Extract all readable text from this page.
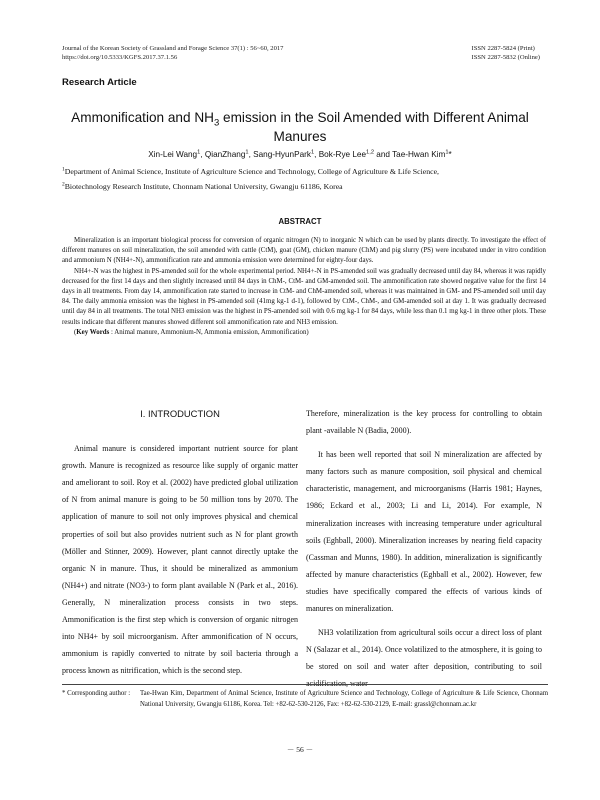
Journal of the Korean Society of Grassland and Forage Science 37(1) : 56~60, 2017
https://doi.org/10.5333/KGFS.2017.37.1.56
ISSN 2287-5824 (Print)
ISSN 2287-5832 (Online)
Research Article
Ammonification and $NH_3$ emission in the Soil Amended with Different Animal
Manures
Xin-Lei Wang$^1$, QianZhang$^1$, Sang-HyunPark$^1$, Bok-Rye Lee$^{1,2}$ and Tae-Hwan Kim$^1$*
$^1$Department of Animal Science, Institute of Agriculture Science and Technology, College of Agriculture & Life Science,
$^2$Biotechnology Research Institute, Chonnam National University, Gwangju 61186, Korea
ABSTRACT

Mineralization is an important biological process for conversion of organic nitrogen (N) to inorganic N which can be used by plants directly. To investigate the effect of different manures on soil mineralization, the soil amended with cattle (CtM), goat (GM), chicken manure (ChM) and pig slurry (PS) were incubated under in vitro condition and ammonium N (NH4+-N), ammonification rate and ammonia emission were determined for eighty-four days.

NH4+-N was the highest in PS-amended soil for the whole experimental period. NH4+-N in PS-amended soil was gradually decreased until day 84, whereas it was rapidly decreased for the first 14 days and then slightly increased until 84 days in ChM-, CtM- and GM-amended soil. The ammonification rate showed negative value for the first 14 days in all treatments. From day 14, ammonification rate started to increase in CtM- and ChM-amended soil, whereas it was maintained in GM- and PS-amended soil until day 84. The daily ammonia emission was the highest in PS-amended soil (41mg kg-1 d-1), followed by CtM-, ChM-, and GM-amended soil at day 1. It was gradually decreased until day 84 in all treatments. The total NH3 emission was the highest in PS-amended soil with 0.6 mg kg-1 for 84 days, while less than 0.1 mg kg-1 in three other plots. These results indicate that different manures showed different soil ammonification rate and NH3 emission.

(Key Words : Animal manure, Ammonium-N, Ammonia emission, Ammonification)

I. INTRODUCTION

Animal manure is considered important nutrient source for plant growth. Manure is recognized as resource like supply of organic matter and ameliorant to soil. Roy et al. (2002) have predicted global utilization of N from animal manure is going to be 50 million tons by 2070. The application of manure to soil not only improves physical and chemical properties of soil but also provides nutrient such as N for plant growth (Möller and Stinner, 2009). However, plant cannot directly uptake the organic N in manure. Thus, it should be mineralized as ammonium (NH4+) and nitrate (NO3-) to form plant available N (Park et al., 2016). Generally, N mineralization process consists in two steps. Ammonification is the first step which is conversion of organic nitrogen into NH4+ by soil microorganism. After ammonification of N occurs, ammonium is rapidly converted to nitrate by soil bacteria through a process known as nitrification, which is the second step.

Therefore, mineralization is the key process for controlling to obtain plant -available N (Badia, 2000).

It has been well reported that soil N mineralization are affected by many factors such as manure composition, soil physical and chemical characteristic, management, and microorganisms (Harris 1981; Haynes, 1986; Eckard et al., 2003; Li and Li, 2014). For example, N mineralization increases with increasing temperature under agricultural soils (Eghball, 2000). Mineralization increases by nearing field capacity (Cassman and Munns, 1980). In addition, mineralization is significantly affected by manure characteristics (Eghball et al., 2002). However, few studies have specifically compared the effects of various kinds of manures on mineralization.

NH3 volatilization from agricultural soils occur a direct loss of plant N (Salazar et al., 2014). Once volatilized to the atmosphere, it is going to be stored on soil and water after deposition, contributing to soil acidification, water

* Corresponding author : Tae-Hwan Kim, Department of Animal Science, Institute of Agriculture Science and Technology, College of Agriculture & Life Science, Chonnam National University, Gwangju 61186, Korea. Tel: +82-62-530-2126, Fax: +82-62-530-2129, E-mail: grassl@chonnam.ac.kr
－ 56 －
